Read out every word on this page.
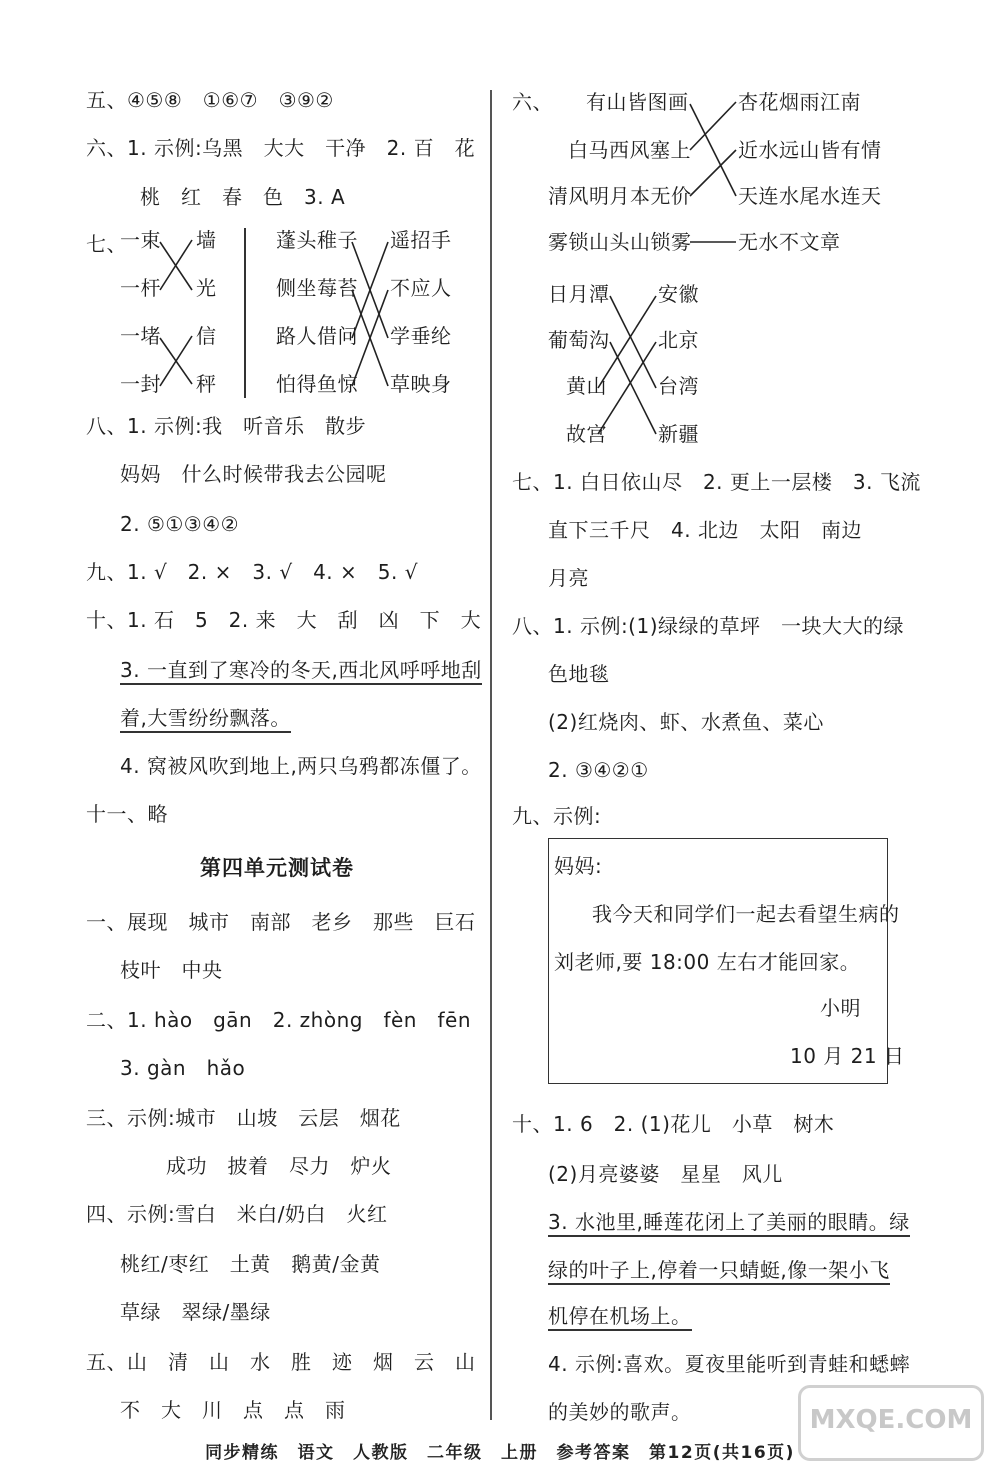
五、④⑤⑧　①⑥⑦　③⑨②
六、1. 示例:乌黑　大大　干净　2. 百　花
桃　红　春　色　3. A
七、
一束
一杆
一堵
一封
墙
光
信
秤
蓬头稚子
侧坐莓苔
路人借问
怕得鱼惊
遥招手
不应人
学垂纶
草映身
八、1. 示例:我　听音乐　散步
妈妈　什么时候带我去公园呢
2. ⑤①③④②
九、1. √　2. ×　3. √　4. ×　5. √
十、1. 石　5　2. 来　大　刮　凶　下　大
3. 一直到了寒冷的冬天,西北风呼呼地刮
着,大雪纷纷飘落。
4. 窝被风吹到地上,两只乌鸦都冻僵了。
十一、略
第四单元测试卷
一、展现　城市　南部　老乡　那些　巨石
枝叶　中央
二、1. hào　gān　2. zhòng　fèn　fēn
3. gàn　hǎo
三、示例:城市　山坡　云层　烟花
成功　披着　尽力　炉火
四、示例:雪白　米白/奶白　火红
桃红/枣红　土黄　鹅黄/金黄
草绿　翠绿/墨绿
五、山　清　山　水　胜　迹　烟　云　山
不　大　川　点　点　雨
六、 有山皆图画
白马西风塞上
清风明月本无价
雾锁山头山锁雾
杏花烟雨江南
近水远山皆有情
天连水尾水连天
无水不文章
日月潭
葡萄沟
黄山
故宫
安徽
北京
台湾
新疆
七、1. 白日依山尽　2. 更上一层楼　3. 飞流
直下三千尺　4. 北边　太阳　南边
月亮
八、1. 示例:(1)绿绿的草坪　一块大大的绿
色地毯
(2)红烧肉、虾、水煮鱼、菜心
2. ③④②①
九、示例:
妈妈:
我今天和同学们一起去看望生病的
刘老师,要 18:00 左右才能回家。
小明
10 月 21 日
十、1. 6　2. (1)花儿　小草　树木
(2)月亮婆婆　星星　风儿
3. 水池里,睡莲花闭上了美丽的眼睛。绿
绿的叶子上,停着一只蜻蜓,像一架小飞
机停在机场上。
4. 示例:喜欢。夏夜里能听到青蛙和蟋蟀
的美妙的歌声。	MXQE.COM
同步精练　语文　人教版　二年级　上册　参考答案　第12页(共16页)
